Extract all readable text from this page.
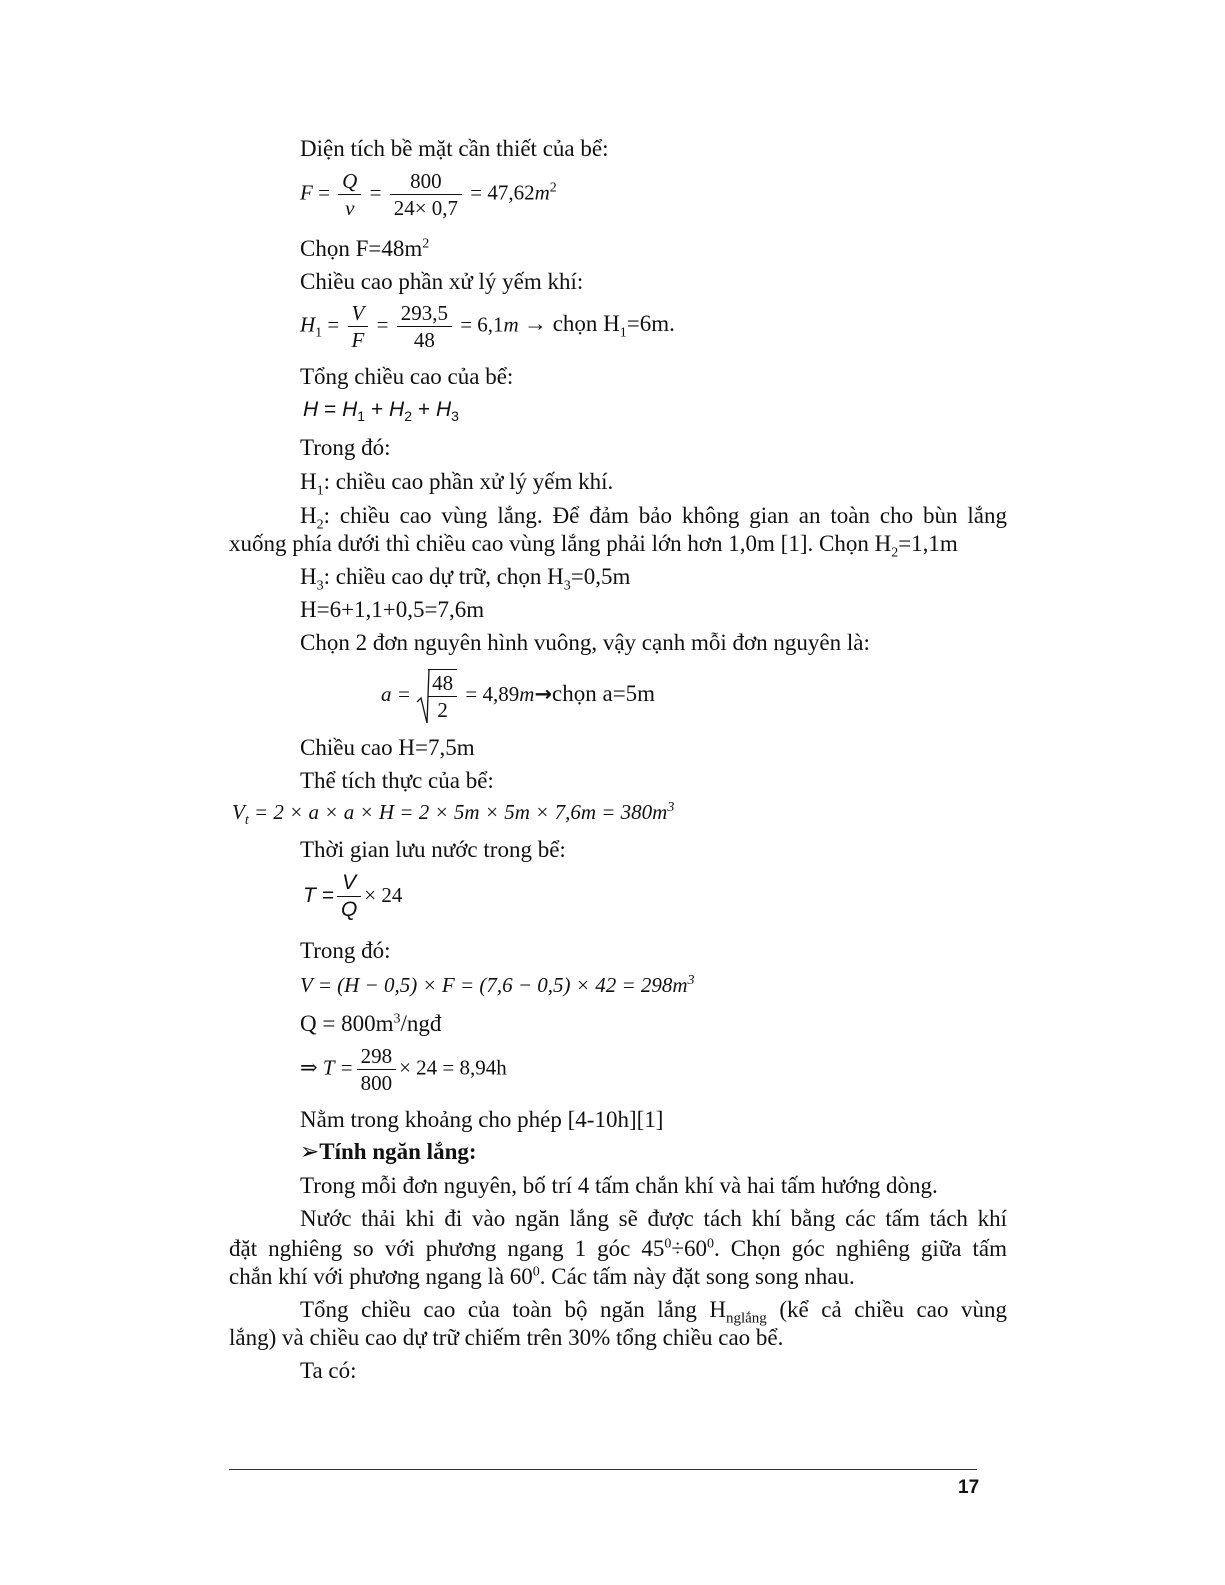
Diện tích bề mặt cần thiết của bể:
$F = \frac{Q}{v} = \frac{800}{24\times 0,7} = 47,62m^2$
Chọn $F=48m^2$
Chiều cao phần xử lý yếm khí:
$H_1 = \frac{V}{F} = \frac{293,5}{48} = 6,1m$ → chọn $H_1=6m$.
Tổng chiều cao của bể:
$H = H_1 + H_2 + H_3$
Trong đó:
$H_1$: chiều cao phần xử lý yếm khí.
$H_2$: chiều cao vùng lắng. Để đảm bảo không gian an toàn cho bùn lắng
xuống phía dưới thì chiều cao vùng lắng phải lớn hơn 1,0m [1]. Chọn $H_2=1,1m$
$H_3$: chiều cao dự trữ, chọn $H_3=0,5m$
H=6+1,1+0,5=7,6m
Chọn 2 đơn nguyên hình vuông, vậy cạnh mỗi đơn nguyên là:
$a = \frac{48}{2}$ = 4,89m→chọn a=5m
Chiều cao H=7,5m
Thể tích thực của bể:
$V_t = 2 \times a \times a \times H = 2 \times 5m \times 5m \times 7,6m = 380m^3$
Thời gian lưu nước trong bể:
$T = \frac{V}{Q} \times 24$
Trong đó:
$V = (H - 0,5) \times F = (7,6 - 0,5) \times 42 = 298m^3$
$Q = 800m^3$/ngđ
⇒ $T = \frac{298}{800} \times 24 = 8,94h$
Nằm trong khoảng cho phép [4-10h][1]
➢Tính ngăn lắng:
Trong mỗi đơn nguyên, bố trí 4 tấm chắn khí và hai tấm hướng dòng.
Nước thải khi đi vào ngăn lắng sẽ được tách khí bằng các tấm tách khí
đặt nghiêng so với phương ngang 1 góc $45^0\div 60^0$. Chọn góc nghiêng giữa tấm
chắn khí với phương ngang là $60^0$. Các tấm này đặt song song nhau.
Tổng chiều cao của toàn bộ ngăn lắng $H_{nglắng}$ (kể cả chiều cao vùng
lắng) và chiều cao dự trữ chiếm trên 30% tổng chiều cao bể.
Ta có:
17
